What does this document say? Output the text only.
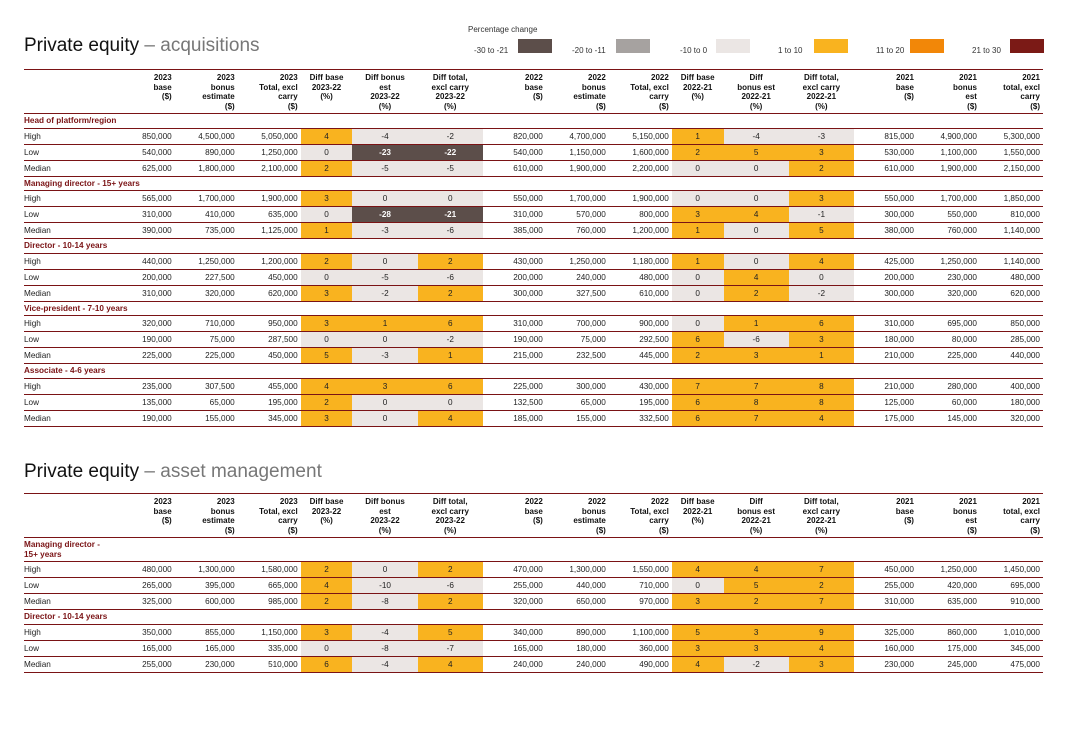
Private equity – acquisitions
Percentage change
-30 to -21	-20 to -11	-10 to 0	1 to 10	11 to 20	21 to 30
	2023
base
($)	2023
bonus
estimate
($)	2023
Total, excl
carry
($)	Diff base
2023-22
(%)	Diff bonus
est
2023-22
(%)	Diff total,
excl carry
2023-22
(%)	2022
base
($)	2022
bonus
estimate
($)	2022
Total, excl
carry
($)	Diff base
2022-21
(%)	Diff
bonus est
2022-21
(%)	Diff total,
excl carry
2022-21
(%)	2021
base
($)	2021
bonus
est
($)	2021
total, excl
carry
($)
Head of platform/region															
High	850,000	4,500,000	5,050,000	4	-4	-2	820,000	4,700,000	5,150,000	1	-4	-3	815,000	4,900,000	5,300,000
Low	540,000	890,000	1,250,000	0	-23	-22	540,000	1,150,000	1,600,000	2	5	3	530,000	1,100,000	1,550,000
Median	625,000	1,800,000	2,100,000	2	-5	-5	610,000	1,900,000	2,200,000	0	0	2	610,000	1,900,000	2,150,000
Managing director - 15+ years															
High	565,000	1,700,000	1,900,000	3	0	0	550,000	1,700,000	1,900,000	0	0	3	550,000	1,700,000	1,850,000
Low	310,000	410,000	635,000	0	-28	-21	310,000	570,000	800,000	3	4	-1	300,000	550,000	810,000
Median	390,000	735,000	1,125,000	1	-3	-6	385,000	760,000	1,200,000	1	0	5	380,000	760,000	1,140,000
Director - 10-14 years															
High	440,000	1,250,000	1,200,000	2	0	2	430,000	1,250,000	1,180,000	1	0	4	425,000	1,250,000	1,140,000
Low	200,000	227,500	450,000	0	-5	-6	200,000	240,000	480,000	0	4	0	200,000	230,000	480,000
Median	310,000	320,000	620,000	3	-2	2	300,000	327,500	610,000	0	2	-2	300,000	320,000	620,000
Vice-president - 7-10 years															
High	320,000	710,000	950,000	3	1	6	310,000	700,000	900,000	0	1	6	310,000	695,000	850,000
Low	190,000	75,000	287,500	0	0	-2	190,000	75,000	292,500	6	-6	3	180,000	80,000	285,000
Median	225,000	225,000	450,000	5	-3	1	215,000	232,500	445,000	2	3	1	210,000	225,000	440,000
Associate - 4-6 years															
High	235,000	307,500	455,000	4	3	6	225,000	300,000	430,000	7	7	8	210,000	280,000	400,000
Low	135,000	65,000	195,000	2	0	0	132,500	65,000	195,000	6	8	8	125,000	60,000	180,000
Median	190,000	155,000	345,000	3	0	4	185,000	155,000	332,500	6	7	4	175,000	145,000	320,000
Private equity – asset management
	2023
base
($)	2023
bonus
estimate
($)	2023
Total, excl
carry
($)	Diff base
2023-22
(%)	Diff bonus
est
2023-22
(%)	Diff total,
excl carry
2023-22
(%)	2022
base
($)	2022
bonus
estimate
($)	2022
Total, excl
carry
($)	Diff base
2022-21
(%)	Diff
bonus est
2022-21
(%)	Diff total,
excl carry
2022-21
(%)	2021
base
($)	2021
bonus
est
($)	2021
total, excl
carry
($)
Managing director -
15+ years															
High	480,000	1,300,000	1,580,000	2	0	2	470,000	1,300,000	1,550,000	4	4	7	450,000	1,250,000	1,450,000
Low	265,000	395,000	665,000	4	-10	-6	255,000	440,000	710,000	0	5	2	255,000	420,000	695,000
Median	325,000	600,000	985,000	2	-8	2	320,000	650,000	970,000	3	2	7	310,000	635,000	910,000
Director - 10-14 years															
High	350,000	855,000	1,150,000	3	-4	5	340,000	890,000	1,100,000	5	3	9	325,000	860,000	1,010,000
Low	165,000	165,000	335,000	0	-8	-7	165,000	180,000	360,000	3	3	4	160,000	175,000	345,000
Median	255,000	230,000	510,000	6	-4	4	240,000	240,000	490,000	4	-2	3	230,000	245,000	475,000
